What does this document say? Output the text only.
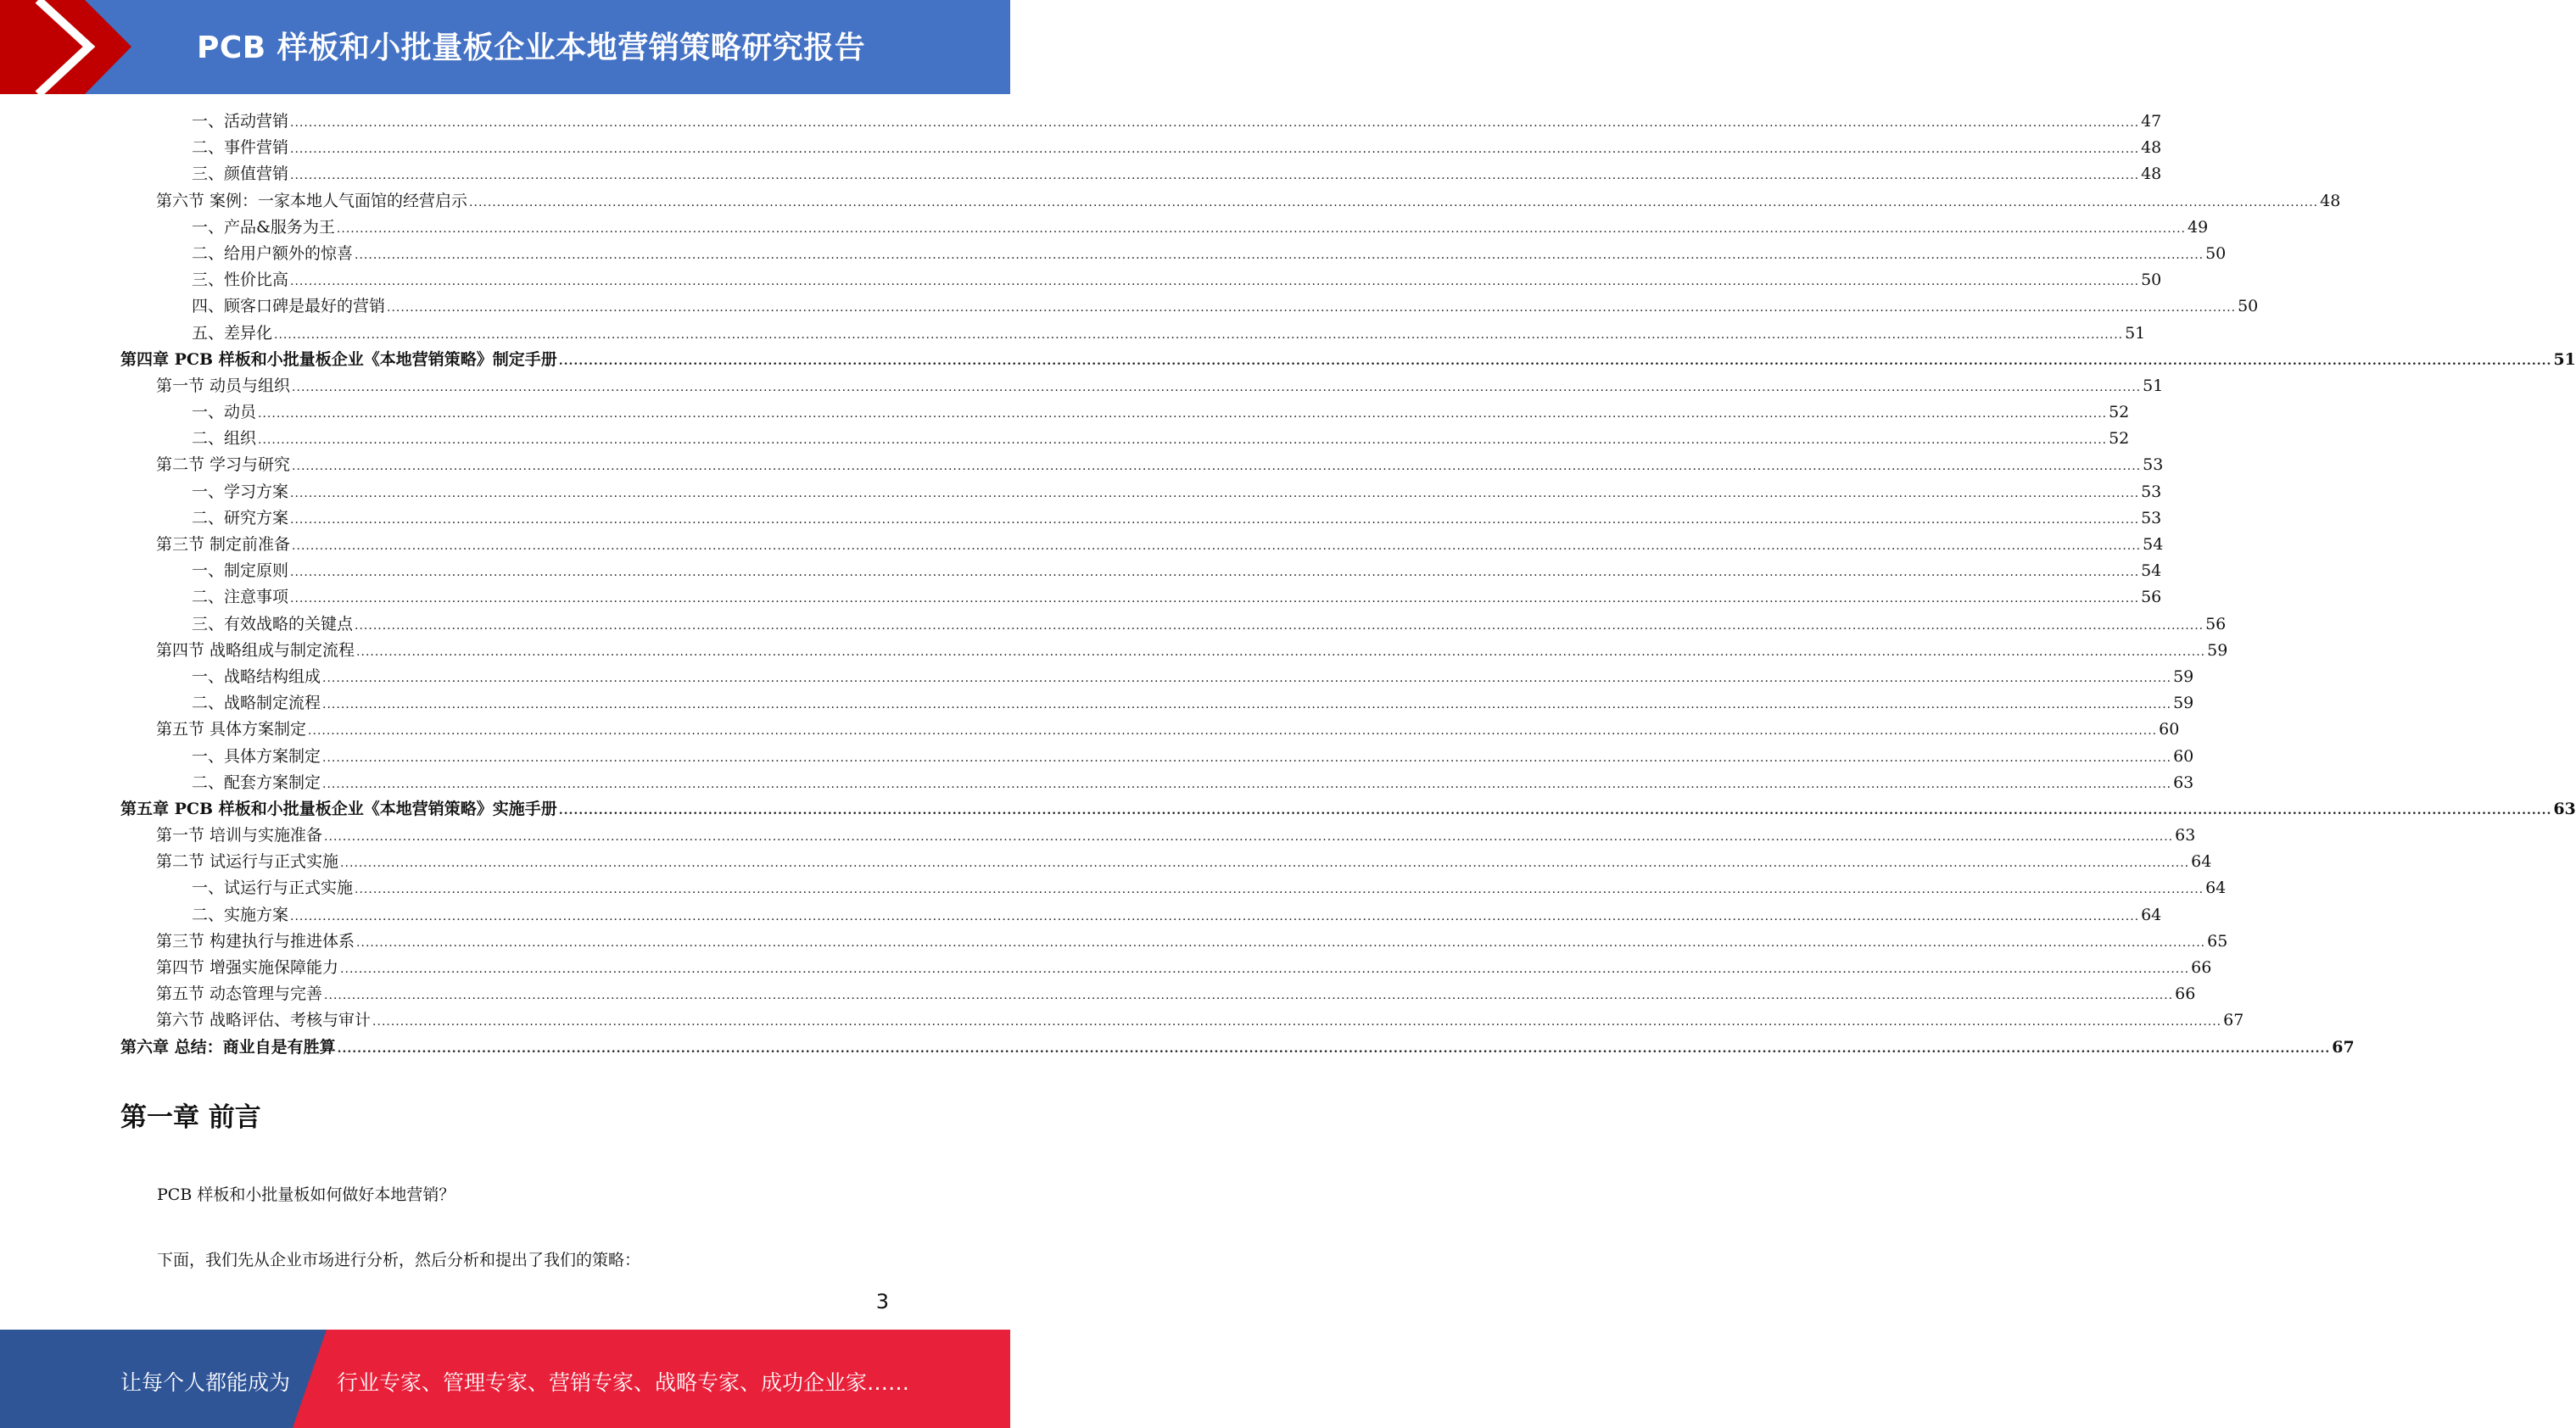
PCB 样板和小批量板企业本地营销策略研究报告
一、活动营销 ................................................................................................................................................................................................................................................................................................................................................................................................................ 47
二、事件营销 ................................................................................................................................................................................................................................................................................................................................................................................................................ 48
三、颜值营销 ................................................................................................................................................................................................................................................................................................................................................................................................................ 48
第六节 案例：一家本地人气面馆的经营启示 ................................................................................................................................................................................................................................................................................................................................................................................................................ 48
一、产品&服务为王 ................................................................................................................................................................................................................................................................................................................................................................................................................ 49
二、给用户额外的惊喜 ................................................................................................................................................................................................................................................................................................................................................................................................................ 50
三、性价比高 ................................................................................................................................................................................................................................................................................................................................................................................................................ 50
四、顾客口碑是最好的营销 ................................................................................................................................................................................................................................................................................................................................................................................................................ 50
五、差异化 ................................................................................................................................................................................................................................................................................................................................................................................................................ 51
第四章 PCB 样板和小批量板企业《本地营销策略》制定手册 ................................................................................................................................................................................................................................................................................................................................................................................................................ 51
第一节 动员与组织 ................................................................................................................................................................................................................................................................................................................................................................................................................ 51
一、动员 ................................................................................................................................................................................................................................................................................................................................................................................................................ 52
二、组织 ................................................................................................................................................................................................................................................................................................................................................................................................................ 52
第二节 学习与研究 ................................................................................................................................................................................................................................................................................................................................................................................................................ 53
一、学习方案 ................................................................................................................................................................................................................................................................................................................................................................................................................ 53
二、研究方案 ................................................................................................................................................................................................................................................................................................................................................................................................................ 53
第三节 制定前准备 ................................................................................................................................................................................................................................................................................................................................................................................................................ 54
一、制定原则 ................................................................................................................................................................................................................................................................................................................................................................................................................ 54
二、注意事项 ................................................................................................................................................................................................................................................................................................................................................................................................................ 56
三、有效战略的关键点 ................................................................................................................................................................................................................................................................................................................................................................................................................ 56
第四节 战略组成与制定流程 ................................................................................................................................................................................................................................................................................................................................................................................................................ 59
一、战略结构组成 ................................................................................................................................................................................................................................................................................................................................................................................................................ 59
二、战略制定流程 ................................................................................................................................................................................................................................................................................................................................................................................................................ 59
第五节 具体方案制定 ................................................................................................................................................................................................................................................................................................................................................................................................................ 60
一、具体方案制定 ................................................................................................................................................................................................................................................................................................................................................................................................................ 60
二、配套方案制定 ................................................................................................................................................................................................................................................................................................................................................................................................................ 63
第五章 PCB 样板和小批量板企业《本地营销策略》实施手册 ................................................................................................................................................................................................................................................................................................................................................................................................................ 63
第一节 培训与实施准备 ................................................................................................................................................................................................................................................................................................................................................................................................................ 63
第二节 试运行与正式实施 ................................................................................................................................................................................................................................................................................................................................................................................................................ 64
一、试运行与正式实施 ................................................................................................................................................................................................................................................................................................................................................................................................................ 64
二、实施方案 ................................................................................................................................................................................................................................................................................................................................................................................................................ 64
第三节 构建执行与推进体系 ................................................................................................................................................................................................................................................................................................................................................................................................................ 65
第四节 增强实施保障能力 ................................................................................................................................................................................................................................................................................................................................................................................................................ 66
第五节 动态管理与完善 ................................................................................................................................................................................................................................................................................................................................................................................................................ 66
第六节 战略评估、考核与审计 ................................................................................................................................................................................................................................................................................................................................................................................................................ 67
第六章 总结：商业自是有胜算 ................................................................................................................................................................................................................................................................................................................................................................................................................ 67
第一章 前言
PCB 样板和小批量板如何做好本地营销？
下面，我们先从企业市场进行分析，然后分析和提出了我们的策略：
3
让每个人都能成为 行业专家、管理专家、营销专家、战略专家、成功企业家……
